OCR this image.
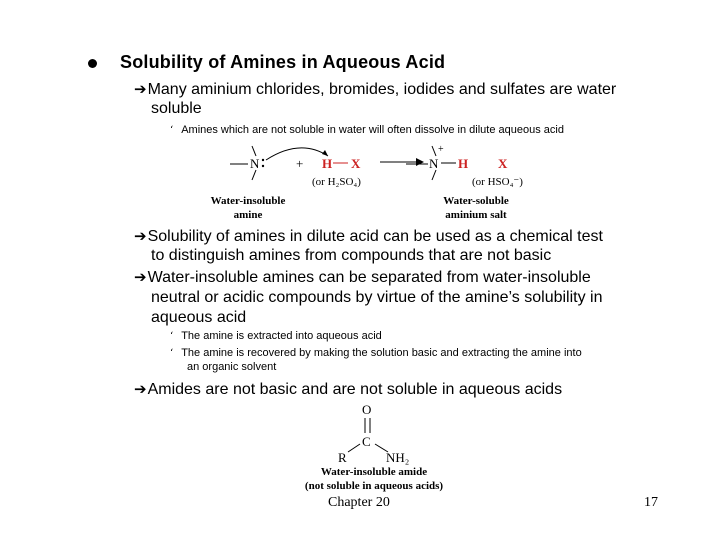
Solubility of Amines in Aqueous Acid
➔Many aminium chlorides, bromides, iodides and sulfates are water
soluble
‘ Amines which are not soluble in water will often dissolve in dilute aqueous acid
N	+ H X
(or H₂SO₄)
+
N H X
(or HSO₄⁻)
Water-insoluble
amine
Water-soluble
aminium salt
➔Solubility of amines in dilute acid can be used as a chemical test
to distinguish amines from compounds that are not basic
➔Water-insoluble amines can be separated from water-insoluble
neutral or acidic compounds by virtue of the amine’s solubility in
aqueous acid
‘ The amine is extracted into aqueous acid
‘ The amine is recovered by making the solution basic and extracting the amine into
an organic solvent
➔Amides are not basic and are not soluble in aqueous acids
O
C
R	NH₂
Water-insoluble amide
(not soluble in aqueous acids)
Chapter 20	17
